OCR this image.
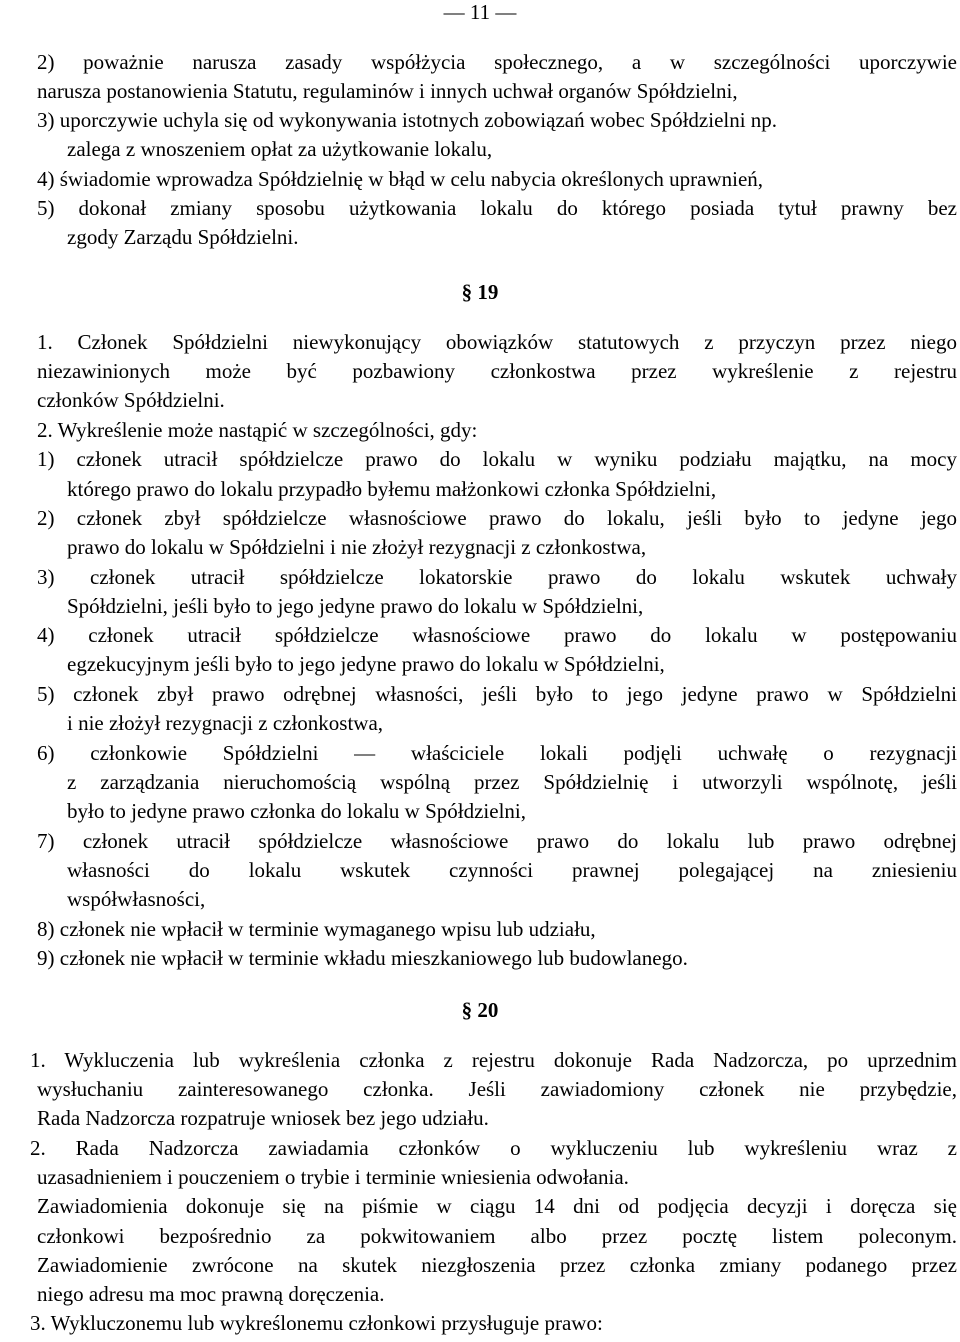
— 11 —
2) poważnie narusza zasady współżycia społecznego, a w szczególności uporczywie
narusza postanowienia Statutu, regulaminów i innych uchwał organów Spółdzielni,
3) uporczywie uchyla się od wykonywania istotnych zobowiązań wobec Spółdzielni np.
zalega z wnoszeniem opłat za użytkowanie lokalu,
4) świadomie wprowadza Spółdzielnię w błąd w celu nabycia określonych uprawnień,
5) dokonał zmiany sposobu użytkowania lokalu do którego posiada tytuł prawny bez
zgody Zarządu Spółdzielni.
§ 19
1. Członek Spółdzielni niewykonujący obowiązków statutowych z przyczyn przez niego
niezawinionych może być pozbawiony członkostwa przez wykreślenie z rejestru
członków Spółdzielni.
2. Wykreślenie może nastąpić w szczególności, gdy:
1) członek utracił spółdzielcze prawo do lokalu w wyniku podziału majątku, na mocy
którego prawo do lokalu przypadło byłemu małżonkowi członka Spółdzielni,
2) członek zbył spółdzielcze własnościowe prawo do lokalu, jeśli było to jedyne jego
prawo do lokalu w Spółdzielni i nie złożył rezygnacji z członkostwa,
3) członek utracił spółdzielcze lokatorskie prawo do lokalu wskutek uchwały
Spółdzielni, jeśli było to jego jedyne prawo do lokalu w Spółdzielni,
4) członek utracił spółdzielcze własnościowe prawo do lokalu w postępowaniu
egzekucyjnym jeśli było to jego jedyne prawo do lokalu w Spółdzielni,
5) członek zbył prawo odrębnej własności, jeśli było to jego jedyne prawo w Spółdzielni
i nie złożył rezygnacji z członkostwa,
6) członkowie Spółdzielni — właściciele lokali podjęli uchwałę o rezygnacji
z zarządzania nieruchomością wspólną przez Spółdzielnię i utworzyli wspólnotę, jeśli
było to jedyne prawo członka do lokalu w Spółdzielni,
7) członek utracił spółdzielcze własnościowe prawo do lokalu lub prawo odrębnej
własności do lokalu wskutek czynności prawnej polegającej na zniesieniu
współwłasności,
8) członek nie wpłacił w terminie wymaganego wpisu lub udziału,
9) członek nie wpłacił w terminie wkładu mieszkaniowego lub budowlanego.
§ 20
1. Wykluczenia lub wykreślenia członka z rejestru dokonuje Rada Nadzorcza, po uprzednim
wysłuchaniu zainteresowanego członka. Jeśli zawiadomiony członek nie przybędzie,
Rada Nadzorcza rozpatruje wniosek bez jego udziału.
2. Rada Nadzorcza zawiadamia członków o wykluczeniu lub wykreśleniu wraz z
uzasadnieniem i pouczeniem o trybie i terminie wniesienia odwołania.
Zawiadomienia dokonuje się na piśmie w ciągu 14 dni od podjęcia decyzji i doręcza się
członkowi bezpośrednio za pokwitowaniem albo przez pocztę listem poleconym.
Zawiadomienie zwrócone na skutek niezgłoszenia przez członka zmiany podanego przez
niego adresu ma moc prawną doręczenia.
3. Wykluczonemu lub wykreślonemu członkowi przysługuje prawo:
